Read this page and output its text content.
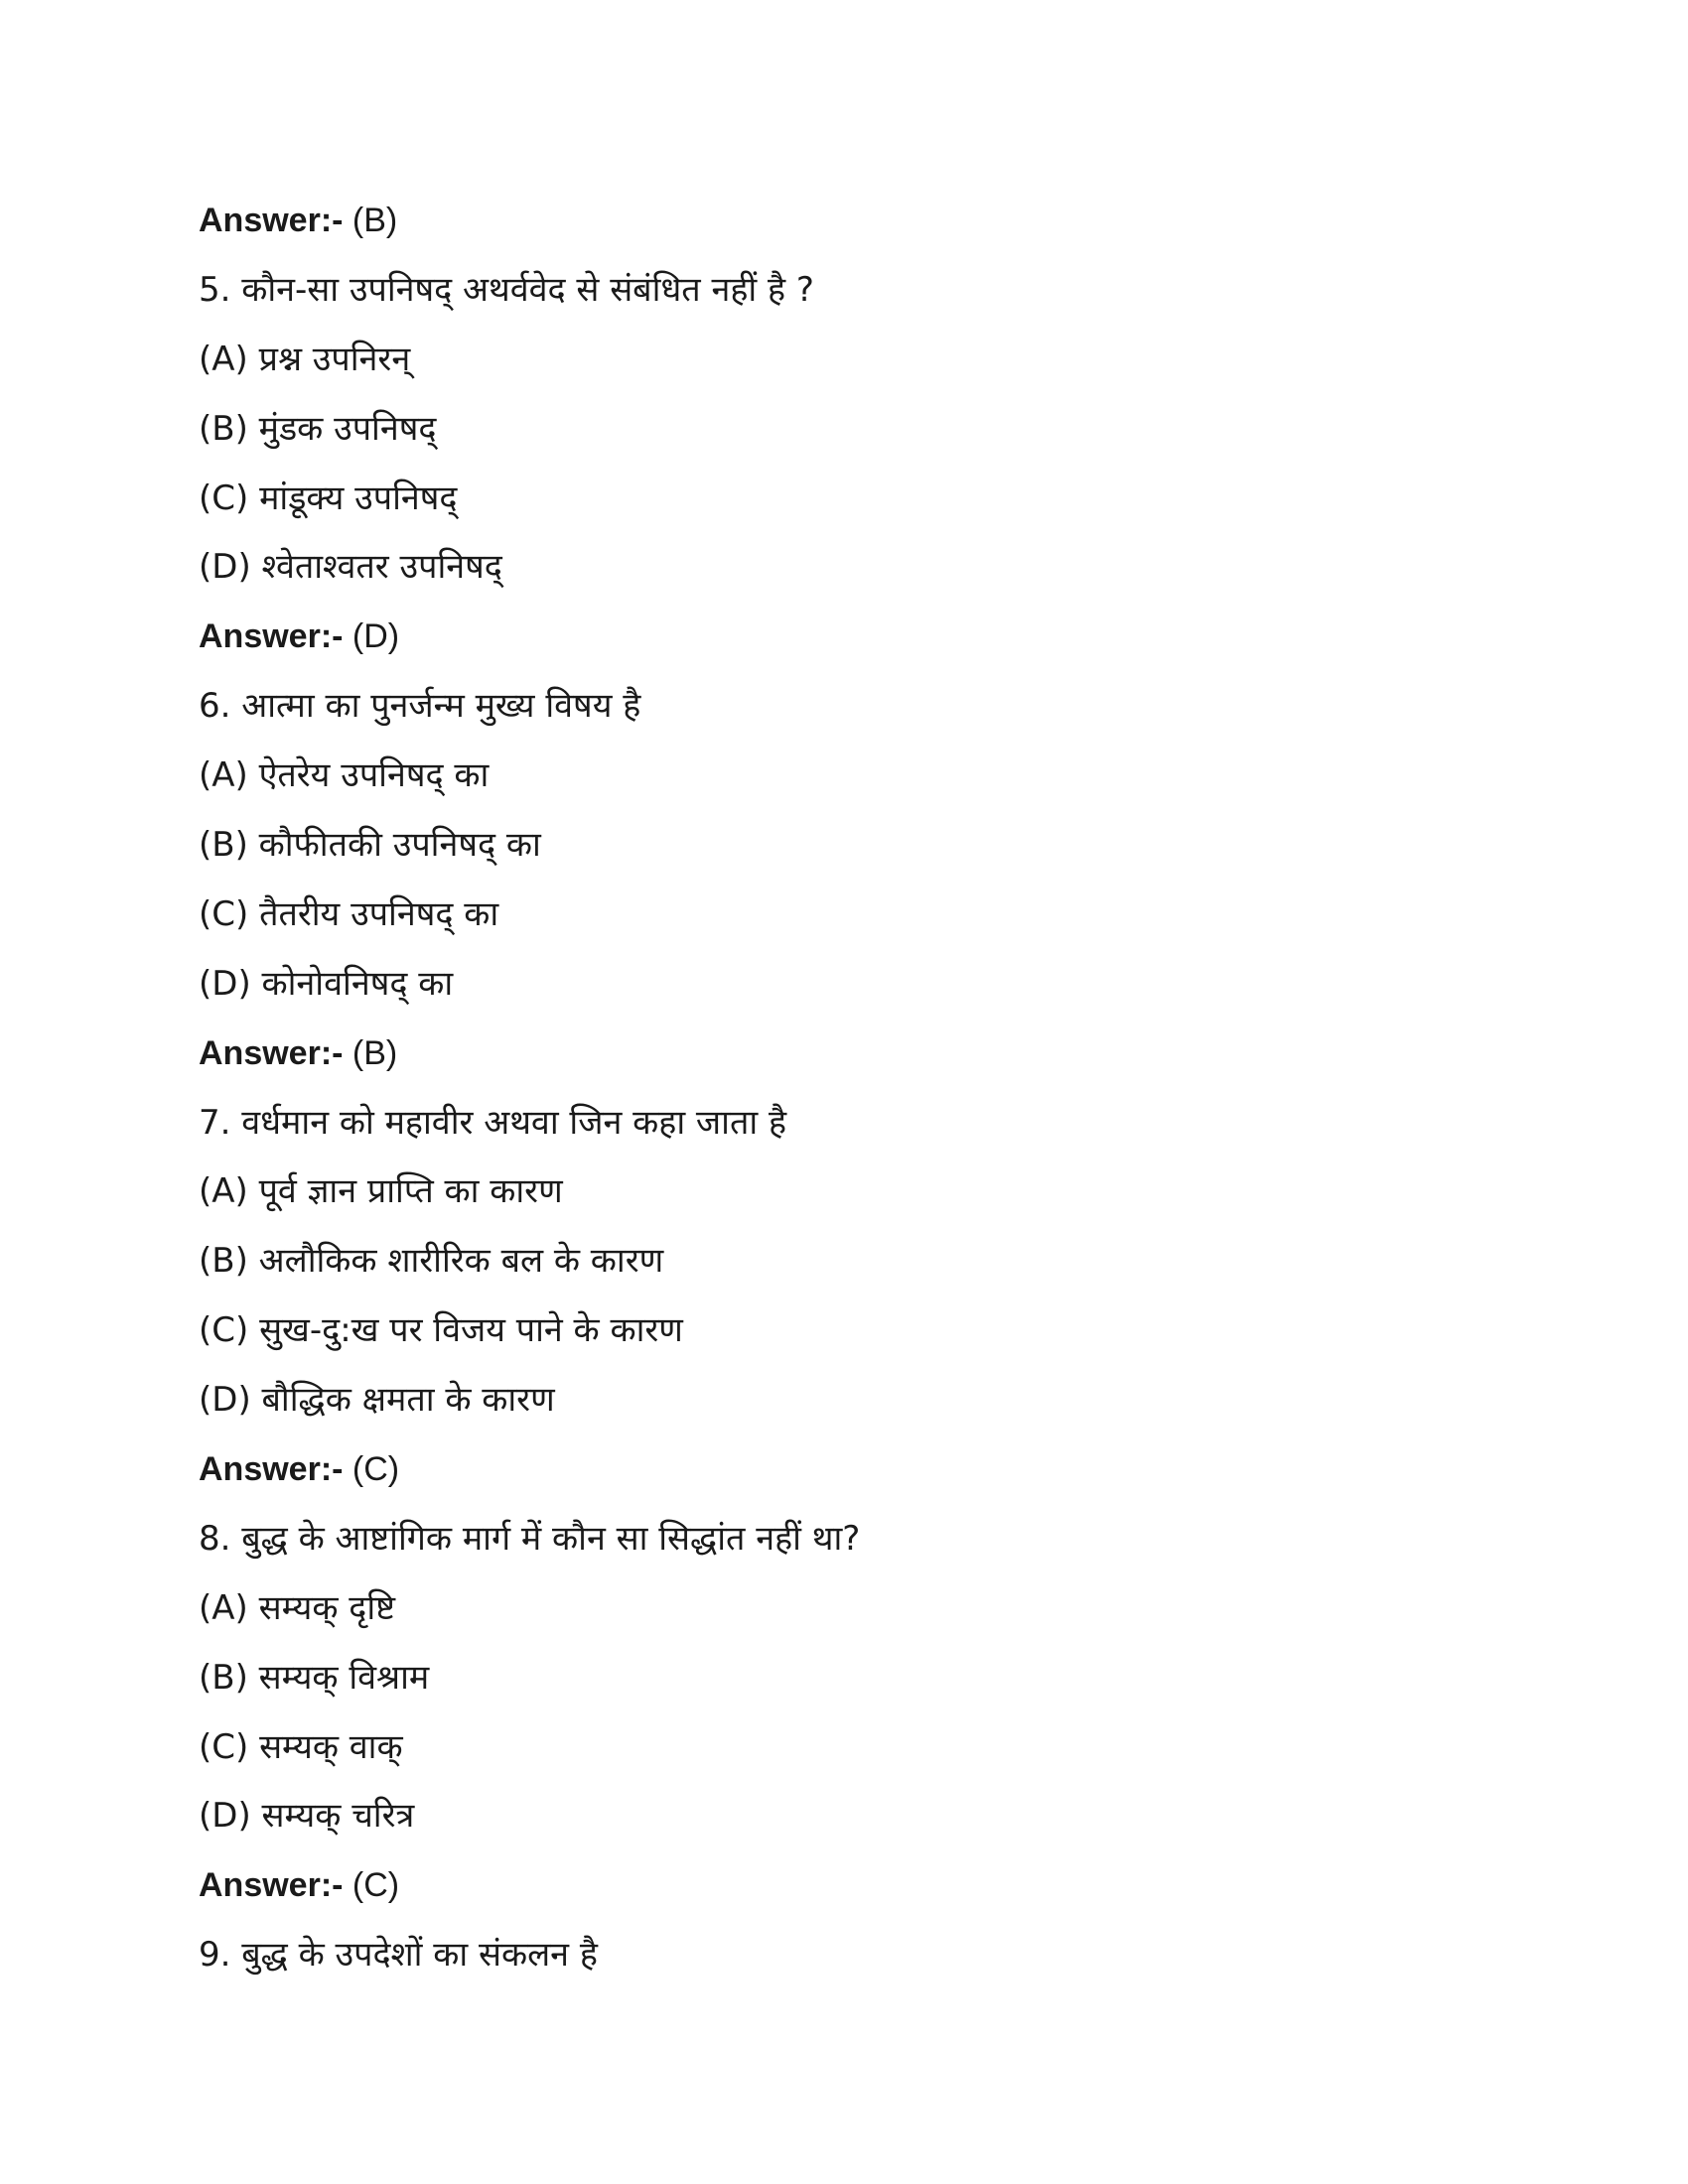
Answer:- (B)
5. कौन-सा उपनिषद् अथर्ववेद से संबंधित नहीं है ?
(A) प्रश्न उपनिरन्
(B) मुंडक उपनिषद्
(C) मांडूक्य उपनिषद्
(D) श्वेताश्वतर उपनिषद्
Answer:- (D)
6. आत्मा का पुनर्जन्म मुख्य विषय है
(A) ऐतरेय उपनिषद् का
(B) कौफीतकी उपनिषद् का
(C) तैतरीय उपनिषद् का
(D) कोनोवनिषद् का
Answer:- (B)
7. वर्धमान को महावीर अथवा जिन कहा जाता है
(A) पूर्व ज्ञान प्राप्ति का कारण
(B) अलौकिक शारीरिक बल के कारण
(C) सुख-दु:ख पर विजय पाने के कारण
(D) बौद्धिक क्षमता के कारण
Answer:- (C)
8. बुद्ध के आष्टांगिक मार्ग में कौन सा सिद्धांत नहीं था?
(A) सम्यक् दृष्टि
(B) सम्यक् विश्राम
(C) सम्यक् वाक्
(D) सम्यक् चरित्र
Answer:- (C)
9. बुद्ध के उपदेशों का संकलन है
